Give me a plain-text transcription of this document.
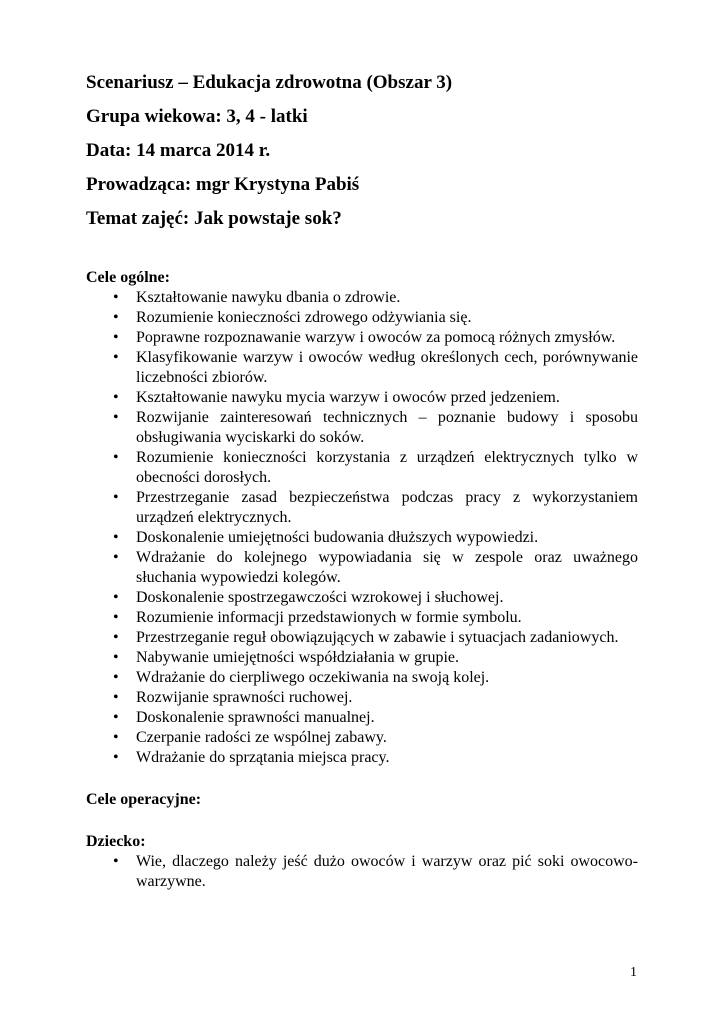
Scenariusz – Edukacja zdrowotna (Obszar 3)
Grupa wiekowa: 3, 4 - latki
Data: 14 marca 2014 r.
Prowadząca: mgr Krystyna Pabiś
Temat zajęć: Jak powstaje sok?

Cele ogólne:

• Kształtowanie nawyku dbania o zdrowie.
• Rozumienie konieczności zdrowego odżywiania się.
• Poprawne rozpoznawanie warzyw i owoców za pomocą różnych zmysłów.
• Klasyfikowanie warzyw i owoców według określonych cech, porównywanie liczebności zbiorów.
• Kształtowanie nawyku mycia warzyw i owoców przed jedzeniem.
• Rozwijanie zainteresowań technicznych – poznanie budowy i sposobu obsługiwania wyciskarki do soków.
• Rozumienie konieczności korzystania z urządzeń elektrycznych tylko w obecności dorosłych.
• Przestrzeganie zasad bezpieczeństwa podczas pracy z wykorzystaniem urządzeń elektrycznych.
• Doskonalenie umiejętności budowania dłuższych wypowiedzi.
• Wdrażanie do kolejnego wypowiadania się w zespole oraz uważnego słuchania wypowiedzi kolegów.
• Doskonalenie spostrzegawczości wzrokowej i słuchowej.
• Rozumienie informacji przedstawionych w formie symbolu.
• Przestrzeganie reguł obowiązujących w zabawie i sytuacjach zadaniowych.
• Nabywanie umiejętności współdziałania w grupie.
• Wdrażanie do cierpliwego oczekiwania na swoją kolej.
• Rozwijanie sprawności ruchowej.
• Doskonalenie sprawności manualnej.
• Czerpanie radości ze wspólnej zabawy.
• Wdrażanie do sprzątania miejsca pracy.

Cele operacyjne:

Dziecko:

• Wie, dlaczego należy jeść dużo owoców i warzyw oraz pić soki owocowo- warzywne.
1
